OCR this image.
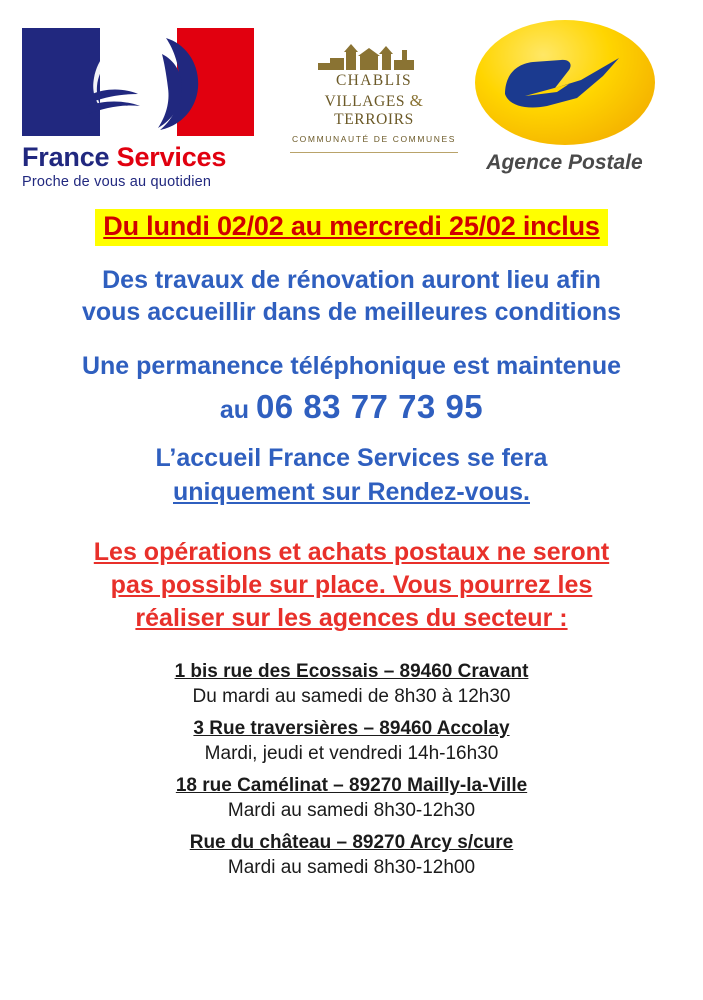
France Services
Proche de vous au quotidien
CHABLIS
VILLAGES & TERROIRS
COMMUNAUTÉ DE COMMUNES
Agence Postale
Du lundi 02/02 au mercredi 25/02 inclus
Des travaux de rénovation auront lieu afin
vous accueillir dans de meilleures conditions
Une permanence téléphonique est maintenue
au 06 83 77 73 95
L’accueil France Services se fera
uniquement sur Rendez-vous.
Les opérations et achats postaux ne seront
pas possible sur place. Vous pourrez les
réaliser sur les agences du secteur :
1 bis rue des Ecossais – 89460 Cravant
Du mardi au samedi de 8h30 à 12h30
3 Rue traversières – 89460 Accolay
Mardi, jeudi et vendredi 14h-16h30
18 rue Camélinat – 89270 Mailly-la-Ville
Mardi au samedi 8h30-12h30
Rue du château – 89270 Arcy s/cure
Mardi au samedi 8h30-12h00
